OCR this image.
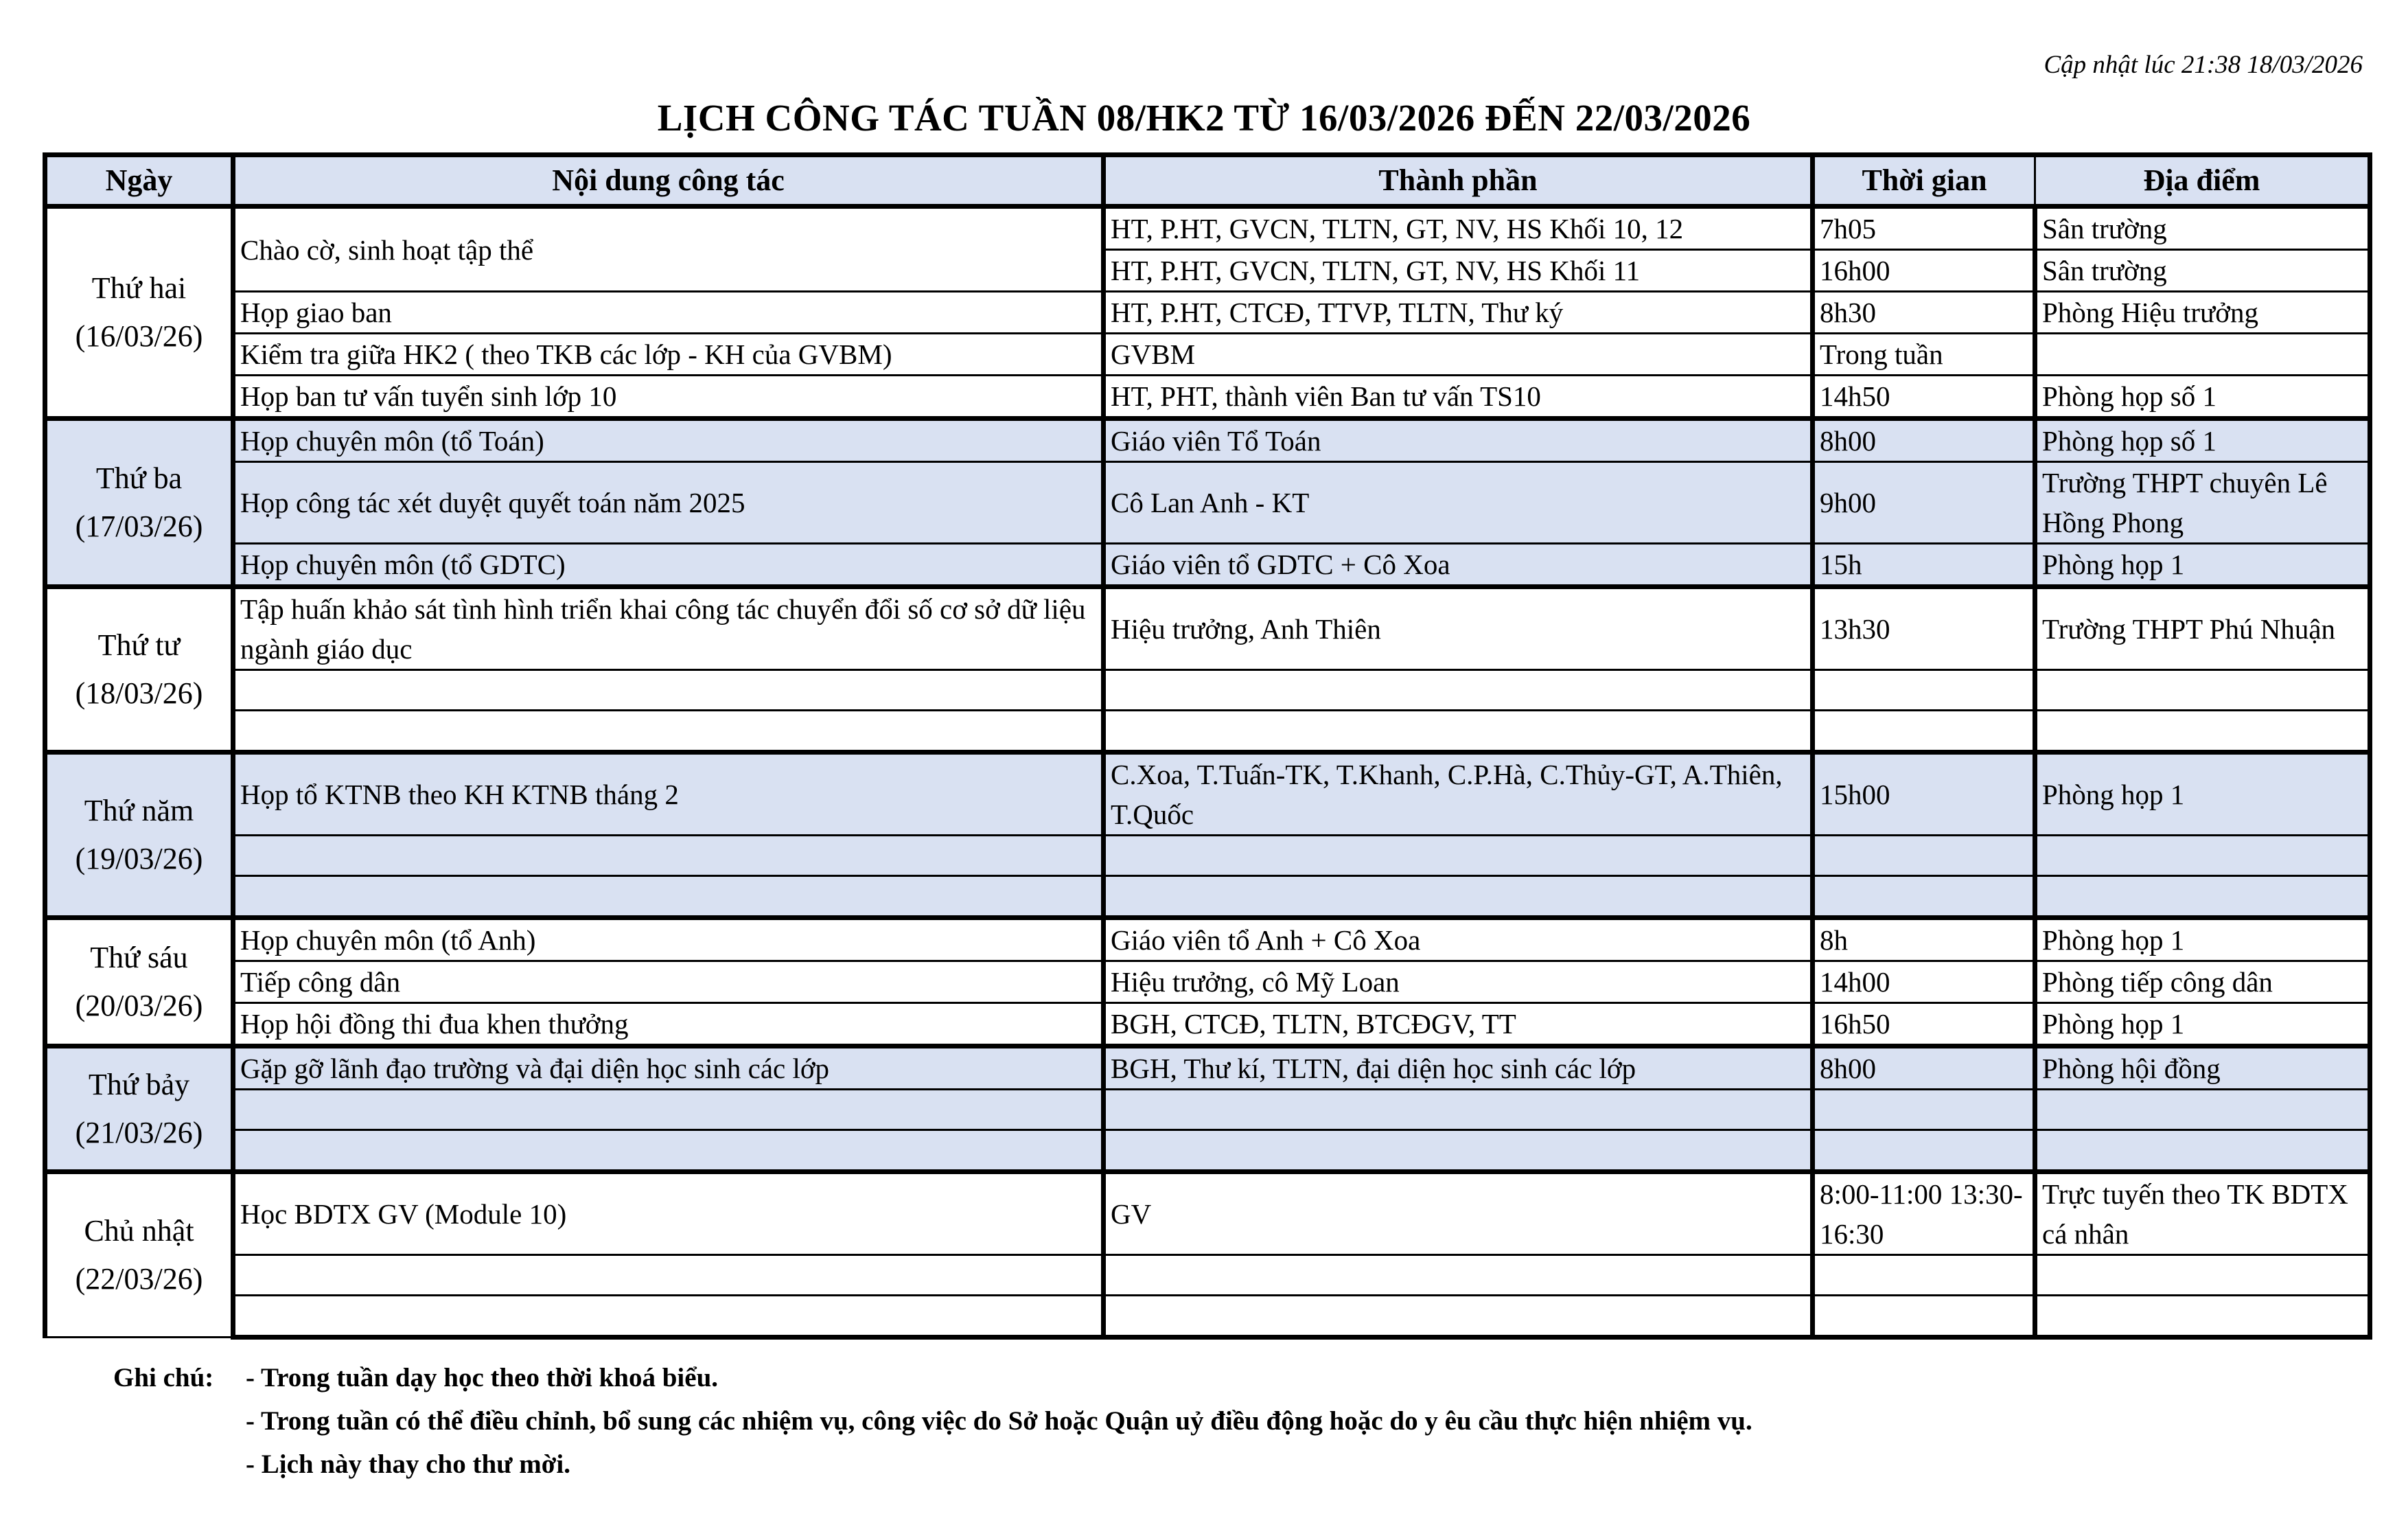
Cập nhật lúc 21:38 18/03/2026
LỊCH CÔNG TÁC TUẦN 08/HK2 TỪ 16/03/2026 ĐẾN 22/03/2026
Ngày	Nội dung công tác	Thành phần	Thời gian	Địa điểm

Thứ hai
(16/03/26)	Chào cờ, sinh hoạt tập thể	HT, P.HT, GVCN, TLTN, GT, NV, HS Khối 10, 12	7h05	Sân trường
		HT, P.HT, GVCN, TLTN, GT, NV, HS Khối 11	16h00	Sân trường
	Họp giao ban	HT, P.HT, CTCĐ, TTVP, TLTN, Thư ký	8h30	Phòng Hiệu trưởng
	Kiểm tra giữa HK2 ( theo TKB các lớp - KH của GVBM)	GVBM	Trong tuần	
	Họp ban tư vấn tuyển sinh lớp 10	HT, PHT, thành viên Ban tư vấn TS10	14h50	Phòng họp số 1

Thứ ba
(17/03/26)	Họp chuyên môn (tổ Toán)	Giáo viên Tổ Toán	8h00	Phòng họp số 1
	Họp công tác xét duyệt quyết toán năm 2025	Cô Lan Anh - KT	9h00	Trường THPT chuyên Lê Hồng Phong
	Họp chuyên môn (tổ GDTC)	Giáo viên tổ GDTC + Cô Xoa	15h	Phòng họp 1

Thứ tư
(18/03/26)	Tập huấn khảo sát tình hình triển khai công tác chuyển đổi số cơ sở dữ liệu ngành giáo dục	Hiệu trưởng, Anh Thiên	13h30	Trường THPT Phú Nhuận

Thứ năm
(19/03/26)	Họp tổ KTNB theo KH KTNB tháng 2	C.Xoa, T.Tuấn-TK, T.Khanh, C.P.Hà, C.Thủy-GT, A.Thiên, T.Quốc	15h00	Phòng họp 1

Thứ sáu
(20/03/26)	Họp chuyên môn (tổ Anh)	Giáo viên tổ Anh + Cô Xoa	8h	Phòng họp 1
	Tiếp công dân	Hiệu trưởng, cô Mỹ Loan	14h00	Phòng tiếp công dân
	Họp hội đồng thi đua khen thưởng	BGH, CTCĐ, TLTN, BTCĐGV, TT	16h50	Phòng họp 1

Thứ bảy
(21/03/26)	Gặp gỡ lãnh đạo trường và đại diện học sinh các lớp	BGH, Thư kí, TLTN, đại diện học sinh các lớp	8h00	Phòng hội đồng

Chủ nhật
(22/03/26)	Học BDTX GV (Module 10)	GV	8:00-11:00 13:30-16:30	Trực tuyến theo TK BDTX cá nhân

Ghi chú:	- Trong tuần dạy học theo thời khoá biểu.
- Trong tuần có thể điều chỉnh, bổ sung các nhiệm vụ, công việc do Sở hoặc Quận uỷ điều động hoặc do y êu cầu thực hiện nhiệm vụ.
- Lịch này thay cho thư mời.
